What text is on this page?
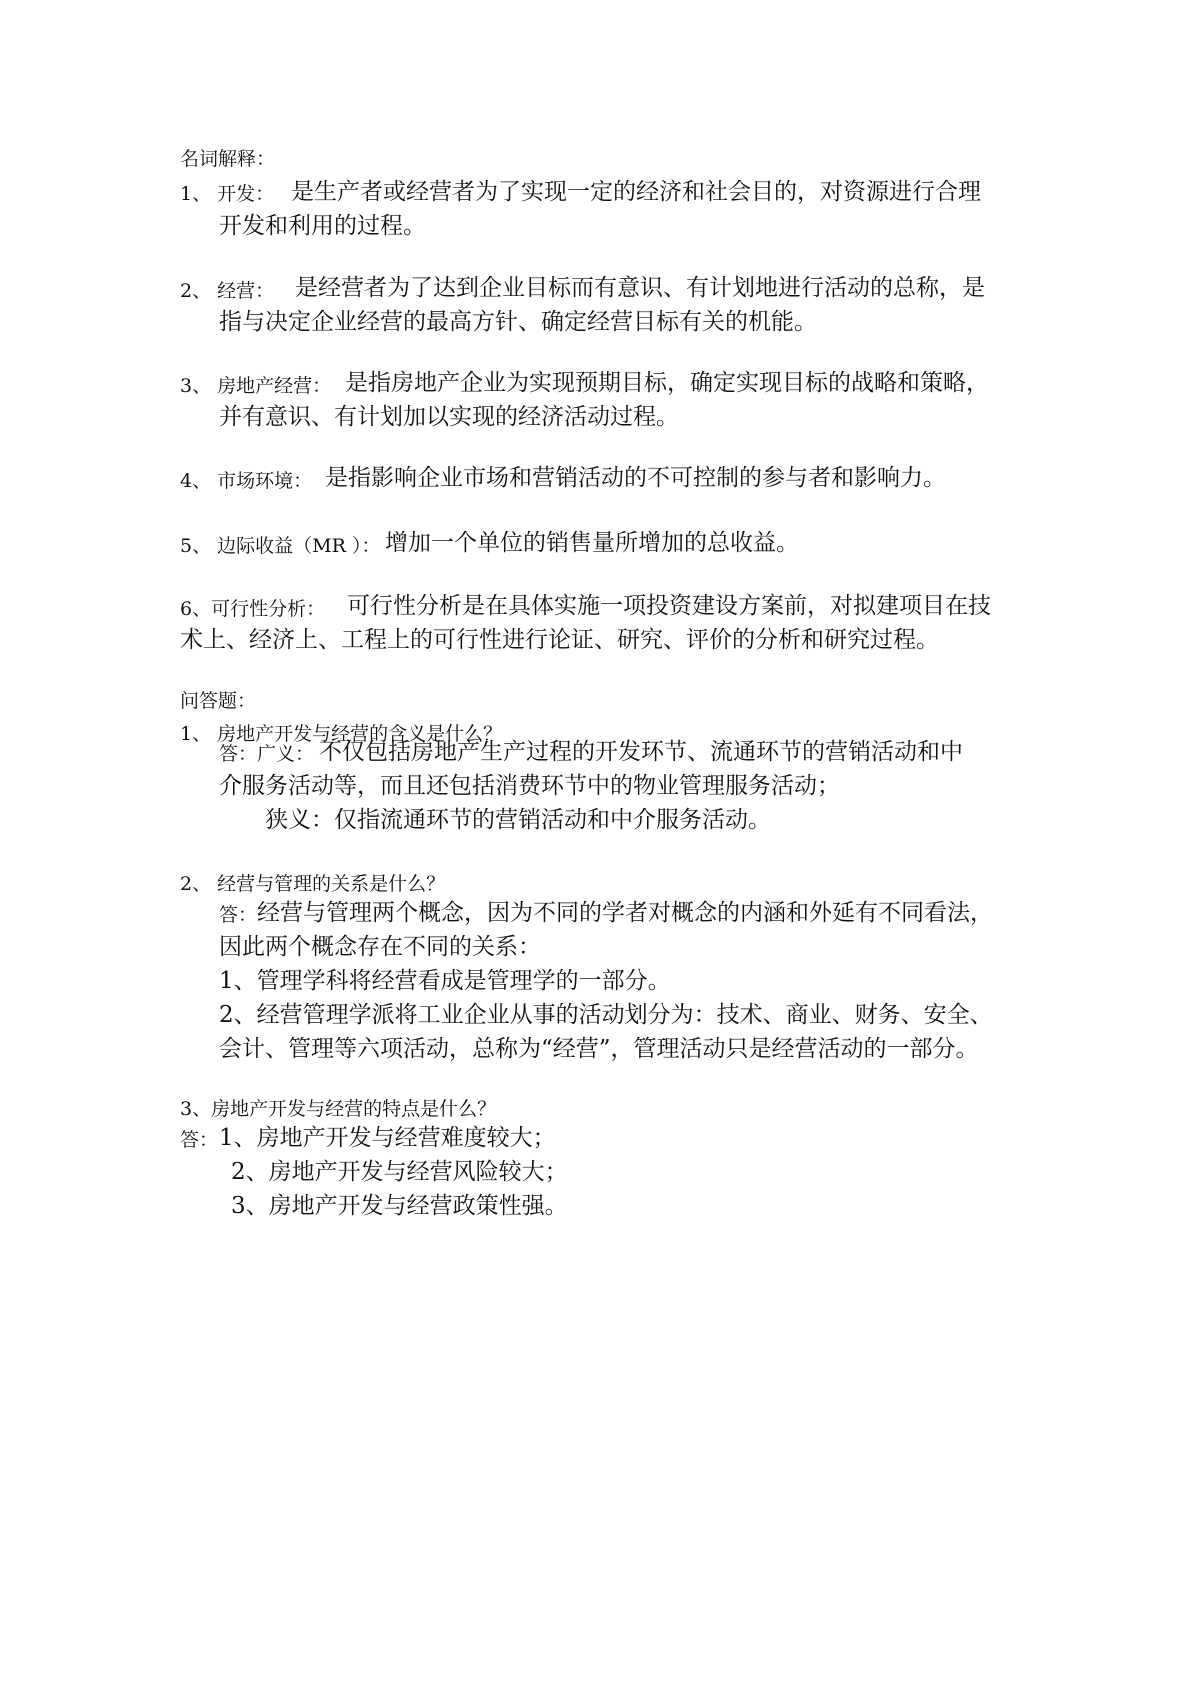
名词解释：
1、 开发： 是生产者或经营者为了实现一定的经济和社会目的，对资源进行合理
开发和利用的过程。
2、 经营： 是经营者为了达到企业目标而有意识、有计划地进行活动的总称，是
指与决定企业经营的最高方针、确定经营目标有关的机能。
3、 房地产经营： 是指房地产企业为实现预期目标，确定实现目标的战略和策略，
并有意识、有计划加以实现的经济活动过程。
4、 市场环境： 是指影响企业市场和营销活动的不可控制的参与者和影响力。
5、 边际收益（MR ）： 增加一个单位的销售量所增加的总收益。
6、可行性分析： 可行性分析是在具体实施一项投资建设方案前，对拟建项目在技
术上、经济上、工程上的可行性进行论证、研究、评价的分析和研究过程。
问答题：
1、 房地产开发与经营的含义是什么？
答：广义： 不仅包括房地产生产过程的开发环节、流通环节的营销活动和中
介服务活动等，而且还包括消费环节中的物业管理服务活动；
狭义：仅指流通环节的营销活动和中介服务活动。
2、 经营与管理的关系是什么？
答： 经营与管理两个概念，因为不同的学者对概念的内涵和外延有不同看法，
因此两个概念存在不同的关系：
1、管理学科将经营看成是管理学的一部分。
2、经营管理学派将工业企业从事的活动划分为：技术、商业、财务、安全、
会计、管理等六项活动，总称为“经营”，管理活动只是经营活动的一部分。
3、房地产开发与经营的特点是什么？
答： 1、房地产开发与经营难度较大；
2、房地产开发与经营风险较大；
3、房地产开发与经营政策性强。
